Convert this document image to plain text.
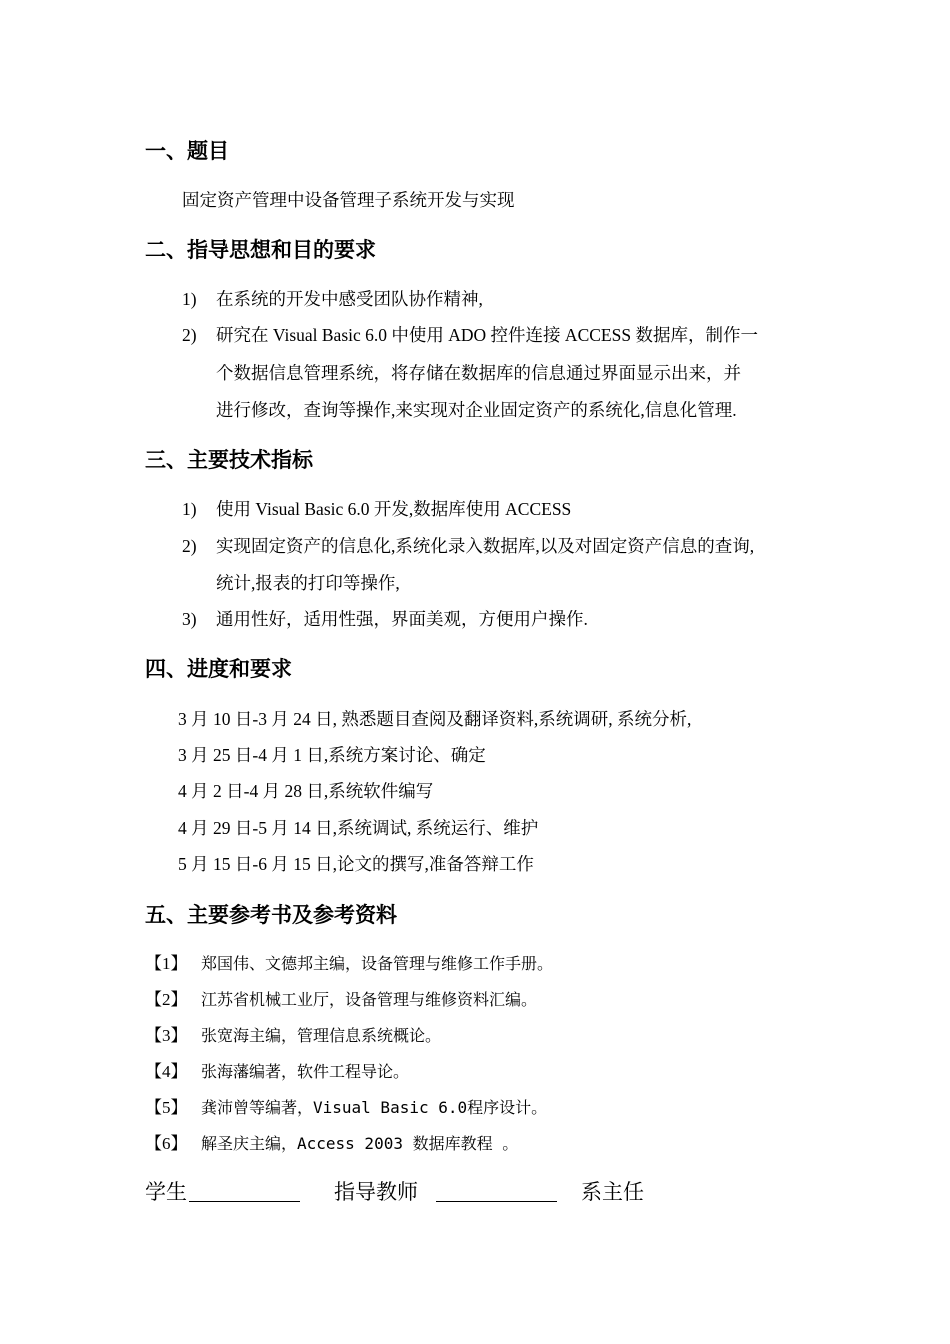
一、题目
固定资产管理中设备管理子系统开发与实现
二、指导思想和目的要求
1) 在系统的开发中感受团队协作精神,
2) 研究在 Visual Basic 6.0 中使用 ADO 控件连接 ACCESS 数据库，制作一
个数据信息管理系统，将存储在数据库的信息通过界面显示出来，并
进行修改，查询等操作,来实现对企业固定资产的系统化,信息化管理.
三、主要技术指标
1) 使用 Visual Basic 6.0 开发,数据库使用 ACCESS
2) 实现固定资产的信息化,系统化录入数据库,以及对固定资产信息的查询,
统计,报表的打印等操作,
3) 通用性好，适用性强，界面美观，方便用户操作.
四、进度和要求
3 月 10 日-3 月 24 日, 熟悉题目查阅及翻译资料,系统调研, 系统分析,
3 月 25 日-4 月 1 日,系统方案讨论、确定
4 月 2 日-4 月 28 日,系统软件编写
4 月 29 日-5 月 14 日,系统调试, 系统运行、维护
5 月 15 日-6 月 15 日,论文的撰写,准备答辩工作
五、主要参考书及参考资料
【1】 郑国伟、文德邦主编，设备管理与维修工作手册。
【2】 江苏省机械工业厅，设备管理与维修资料汇编。
【3】 张宽海主编，管理信息系统概论。
【4】 张海藩编著，软件工程导论。
【5】 龚沛曾等编著，Visual Basic 6.0程序设计。
【6】 解圣庆主编，Access 2003 数据库教程 。
学生	指导教师	系主任
